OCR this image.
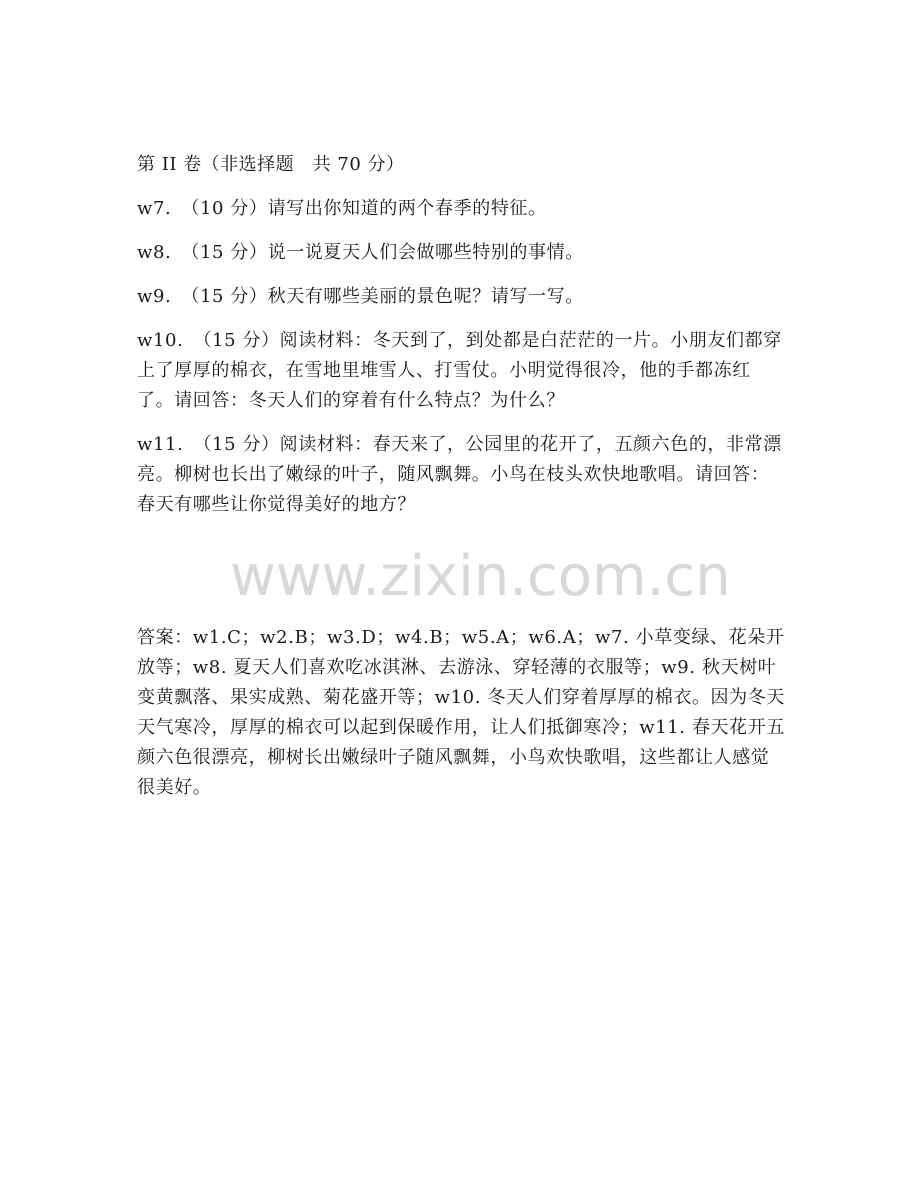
第 II 卷（非选择题　共 70 分）

w7. （10 分）请写出你知道的两个春季的特征。

w8. （15 分）说一说夏天人们会做哪些特别的事情。

w9. （15 分）秋天有哪些美丽的景色呢？请写一写。

w10. （15 分）阅读材料：冬天到了，到处都是白茫茫的一片。小朋友们都穿上了厚厚的棉衣，在雪地里堆雪人、打雪仗。小明觉得很冷，他的手都冻红了。请回答：冬天人们的穿着有什么特点？为什么？

w11. （15 分）阅读材料：春天来了，公园里的花开了，五颜六色的，非常漂亮。柳树也长出了嫩绿的叶子，随风飘舞。小鸟在枝头欢快地歌唱。请回答：春天有哪些让你觉得美好的地方？

www.zixin.com.cn

答案：w1.C；w2.B；w3.D；w4.B；w5.A；w6.A；w7. 小草变绿、花朵开放等；w8. 夏天人们喜欢吃冰淇淋、去游泳、穿轻薄的衣服等；w9. 秋天树叶变黄飘落、果实成熟、菊花盛开等；w10. 冬天人们穿着厚厚的棉衣。因为冬天天气寒冷，厚厚的棉衣可以起到保暖作用，让人们抵御寒冷；w11. 春天花开五颜六色很漂亮，柳树长出嫩绿叶子随风飘舞，小鸟欢快歌唱，这些都让人感觉很美好。
